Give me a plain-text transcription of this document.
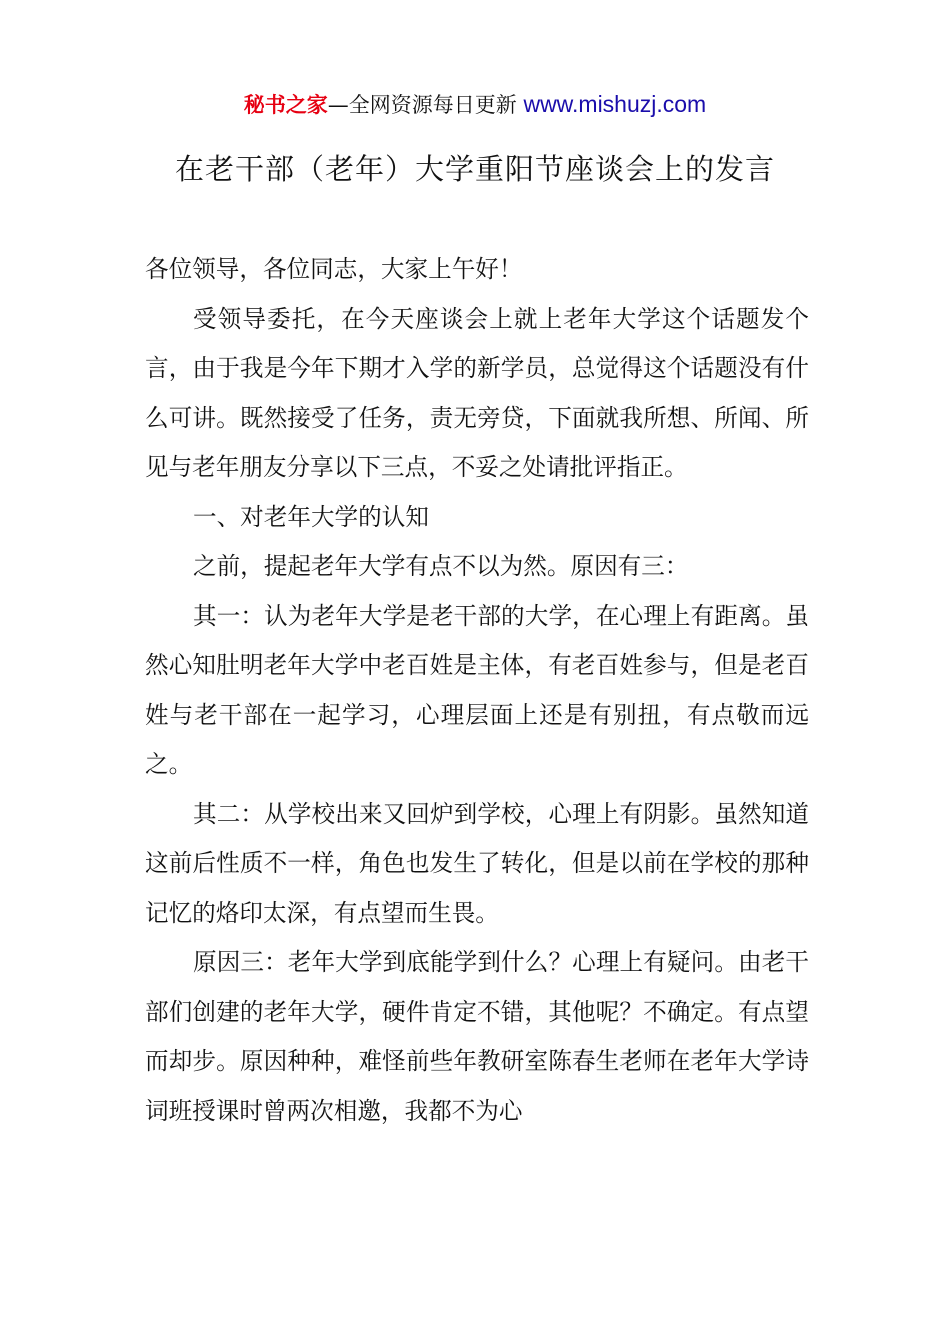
秘书之家—全网资源每日更新 www.mishuzj.com
在老干部（老年）大学重阳节座谈会上的发言

各位领导，各位同志，大家上午好！

受领导委托，在今天座谈会上就上老年大学这个话题发个言，由于我是今年下期才入学的新学员，总觉得这个话题没有什么可讲。既然接受了任务，责无旁贷，下面就我所想、所闻、所见与老年朋友分享以下三点，不妥之处请批评指正。

一、对老年大学的认知

之前，提起老年大学有点不以为然。原因有三：

其一：认为老年大学是老干部的大学，在心理上有距离。虽然心知肚明老年大学中老百姓是主体，有老百姓参与，但是老百姓与老干部在一起学习，心理层面上还是有别扭，有点敬而远之。

其二：从学校出来又回炉到学校，心理上有阴影。虽然知道这前后性质不一样，角色也发生了转化，但是以前在学校的那种记忆的烙印太深，有点望而生畏。

原因三：老年大学到底能学到什么？心理上有疑问。由老干部们创建的老年大学，硬件肯定不错，其他呢？不确定。有点望而却步。原因种种，难怪前些年教研室陈春生老师在老年大学诗词班授课时曾两次相邀，我都不为心
